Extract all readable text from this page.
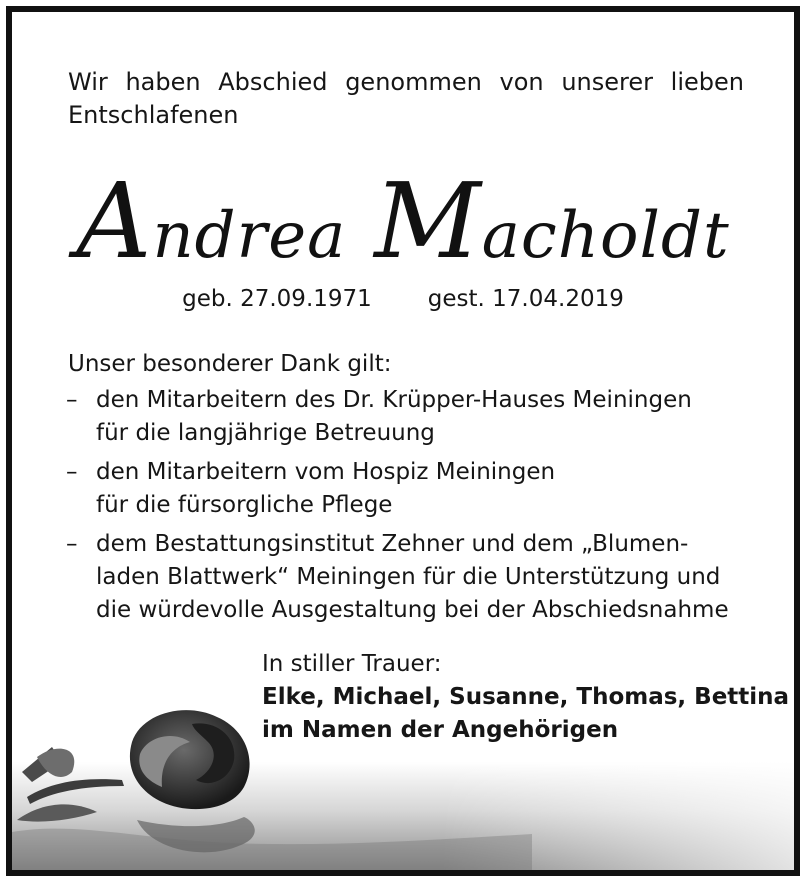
Wir haben Abschied genommen von unserer lieben Entschlafenen
Andrea Macholdt
geb. 27.09.1971 gest. 17.04.2019
Unser besonderer Dank gilt:
– den Mitarbeitern des Dr. Krüpper-Hauses Meiningen
für die langjährige Betreuung
– den Mitarbeitern vom Hospiz Meiningen
für die fürsorgliche Pflege
– dem Bestattungsinstitut Zehner und dem „Blumen-
laden Blattwerk“ Meiningen für die Unterstützung und
die würdevolle Ausgestaltung bei der Abschiedsnahme
In stiller Trauer:
Elke, Michael, Susanne, Thomas, Bettina
im Namen der Angehörigen
